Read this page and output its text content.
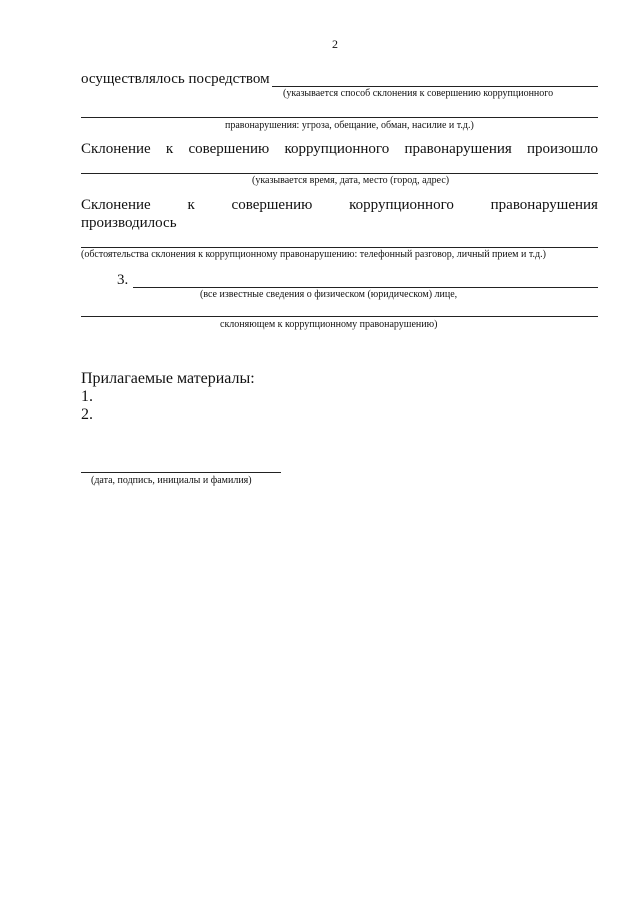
2
осуществлялось посредством
(указывается способ склонения к совершению коррупционного
правонарушения: угроза, обещание, обман, насилие и т.д.)
Склонение к совершению коррупционного правонарушения произошло
(указывается время, дата, место (город, адрес)
Склонение к совершению коррупционного правонарушения
производилось
(обстоятельства склонения к коррупционному правонарушению: телефонный разговор, личный прием и т.д.)
3.
(все известные сведения о физическом (юридическом) лице,
склоняющем к коррупционному правонарушению)
Прилагаемые материалы:
1.
2.
(дата, подпись, инициалы и фамилия)
